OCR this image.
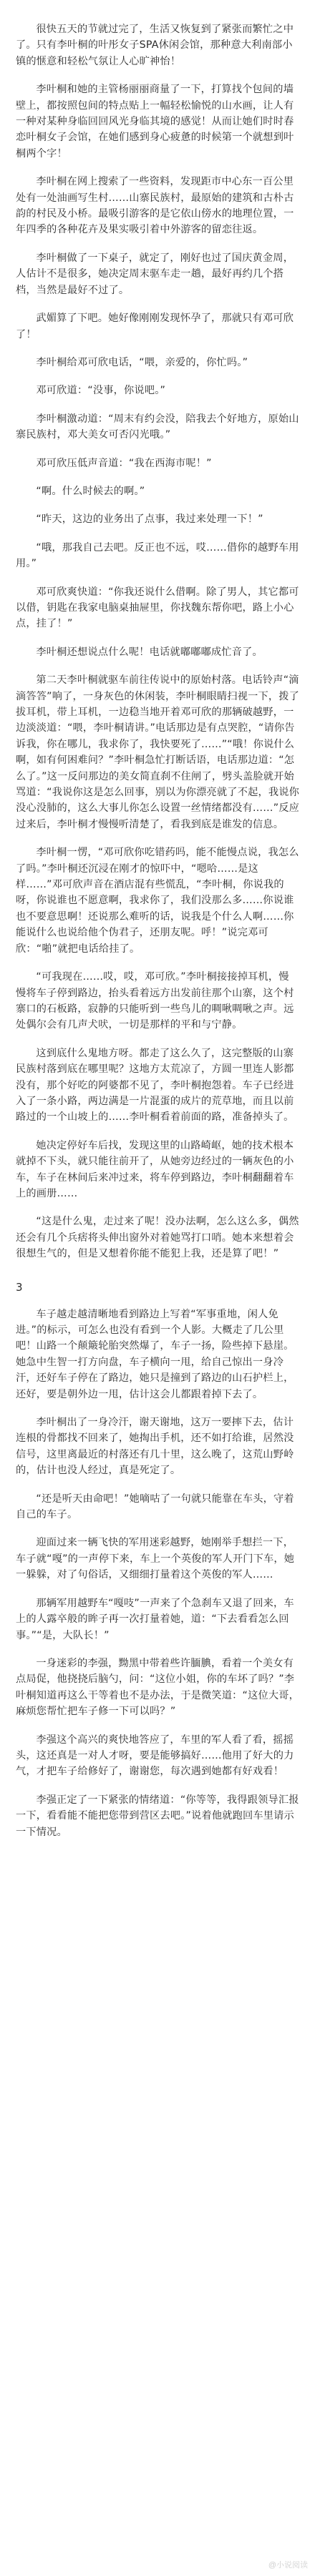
很快五天的节就过完了，生活又恢复到了紧张而繁忙之中了。只有李叶桐的叶彤女子SPA休闲会馆，那种意大利南部小镇的惬意和轻松气氛让人心旷神怡！

李叶桐和她的主管杨丽丽商量了一下，打算找个包间的墙壁上，都按照包间的特点贴上一幅轻松愉悦的山水画，让人有一种对某种身临回回风光身临其境的感觉！从而让她们时时春恋叶桐女子会馆，在她们感到身心疲惫的时候第一个就想到叶桐两个字！

李叶桐在网上搜索了一些资料，发现距市中心东一百公里处有一处油画写生村……山寨民族村，最原始的建筑和古朴古韵的村民及小桥。最吸引游客的是它依山傍水的地理位置，一年四季的各种花卉及果实吸引着中外游客的留恋往返。

李叶桐做了一下桌子，就定了，刚好也过了国庆黄金周，人估计不是很多，她决定周末驱车走一趟，最好再约几个搭档，当然是最好不过了。

武媚算了下吧。她好像刚刚发现怀孕了，那就只有邓可欣了！

李叶桐给邓可欣电话，“喂，亲爱的，你忙吗。”

邓可欣道：“没事，你说吧。”

李叶桐激动道：“周末有约会没，陪我去个好地方，原始山寨民族村，邓大美女可否闪光哦。”

邓可欣压低声音道：“我在西海市呢！”

“啊。什么时候去的啊。”

“昨天，这边的业务出了点事，我过来处理一下！”

“哦，那我自己去吧。反正也不远，哎……借你的越野车用用。”

邓可欣爽快道：“你我还说什么借啊。除了男人，其它都可以借，钥匙在我家电脑桌抽屉里，你找魏东帮你吧，路上小心点，挂了！”

李叶桐还想说点什么呢！电话就嘟嘟嘟成忙音了。

第二天李叶桐就驱车前往传说中的原始村落。电话铃声“滴滴答答”响了，一身灰色的休闲装，李叶桐眼睛扫视一下，拨了拔耳机，带上耳机，一边稳当地开着邓可欣的那辆破越野，一边淡淡道：“喂，李叶桐请讲。”电话那边是有点哭腔，“请你告诉我，你在哪儿，我求你了，我快要死了……”“哦！你说什么啊，如有何困难问？”李叶桐急忙打断话语，电话那边道：“怎么了。”这一反问那边的美女简直刹不住闸了，劈头盖脸就开始骂道：“我说你这是怎么回事，别以为你漂亮就了不起，我说你没心没肺的，这么大事儿你怎么设置一丝情绪都没有……”反应过来后，李叶桐才慢慢听清楚了，看我到底是谁发的信息。

李叶桐一愣，“邓可欣你吃错药吗，能不能慢点说，我怎么了吗。”李叶桐还沉浸在刚才的惊吓中，“嗯哈……是这样……”邓可欣声音在酒店混有些慌乱，“李叶桐，你说我的呀，你说谁也不愿意啊，我求你了，我们没那么多……你说谁也不要意思啊！还说那么难听的话，说我是个什么人啊……你能说什么也说给他个伪君子，还朋友呢。呼！”说完邓可欣：“啪”就把电话给挂了。

“可我现在……哎，哎，邓可欣。”李叶桐接接掉耳机，慢慢将车子停到路边，抬头看着远方出发前往那个山寨，这个村寨口的石板路，寂静的只能听到一些鸟儿的啁啾啁啾之声。远处偶尔会有几声犬吠，一切是那样的平和与宁静。

这到底什么鬼地方呀。都走了这么久了，这完整版的山寨民族村落到底在哪里呢？这地方太荒凉了，方圆一里连人影都没有，那个好吃的阿婆都不见了，李叶桐抱怨着。车子已经进入了一条小路，两边满是一片混蛋的成片的荒草地，而且以前路过的一个山坡上的……李叶桐看着前面的路，准备掉头了。

她决定停好车后找，发现这里的山路崎岖，她的技术根本就掉不下头，就只能往前开了，从她旁边经过的一辆灰色的小车，车子在林间后来冲过来，将车停到路边，李叶桐翻翻着车上的画册……

“这是什么鬼，走过来了呢！没办法啊，怎么这么多，偶然还会有几个兵痞将头伸出窗外对着她骂打口哨。她本来想着会很想生气的，但是又想着你能不能犯上我，还是算了吧！”

3

车子越走越清晰地看到路边上写着“军事重地，闲人免进。”的标示，可怎么也没有看到一个人影。大概走了几公里吧！山路一个颠簸轮胎突然爆了，车子一扬，险些掉下悬崖。她急中生智一打方向盘，车子横向一甩，给自己惊出一身冷汗，还好车子停在了路边，她只是撞到了路边的山石护栏上，还好，要是朝外边一甩，估计这会儿都跟着掉下去了。

李叶桐出了一身冷汗，谢天谢地，这万一要摔下去，估计连根的骨都找不回来了，她掏出手机，还不如打给谁，居然没信号，这里离最近的村落还有几十里，这么晚了，这荒山野岭的，估计也没人经过，真是死定了。

“还是听天由命吧！”她嘀咕了一句就只能靠在车头，守着自己的车子。

迎面过来一辆飞快的军用迷彩越野，她刚举手想拦一下，车子就“嘎”的一声停下来，车上一个英俊的军人开门下车，她一躲躲，对了句俗话，又细细打量着这个英俊的军人……

那辆军用越野车“嘎吱”一声来了个急刹车又退了回来，车上的人露卒般的眸子再一次打量着她，道：“下去看看怎么回事。”“是，大队长！”

一身迷彩的李强，黝黑中带着些许腼腆，看着一个美女有点局促，他挠挠后脑勺，问：“这位小姐，你的车坏了吗？”李叶桐知道再这么干等着也不是办法，于是微笑道：“这位大哥，麻烦您帮忙把车子修一下可以吗？”

李强这个高兴的爽快地答应了，车里的军人看了看，摇摇头，这还真是一对人才呀，要是能够搞好……他用了好大的力气，才把车子给修好了，谢谢您，每次遇到她都有好戏看！

李强正定了一下紧张的情绪道：“你等等，我得跟领导汇报一下，看看能不能把您带到营区去吧。”说着他就跑回车里请示一下情况。

@小说阅读
